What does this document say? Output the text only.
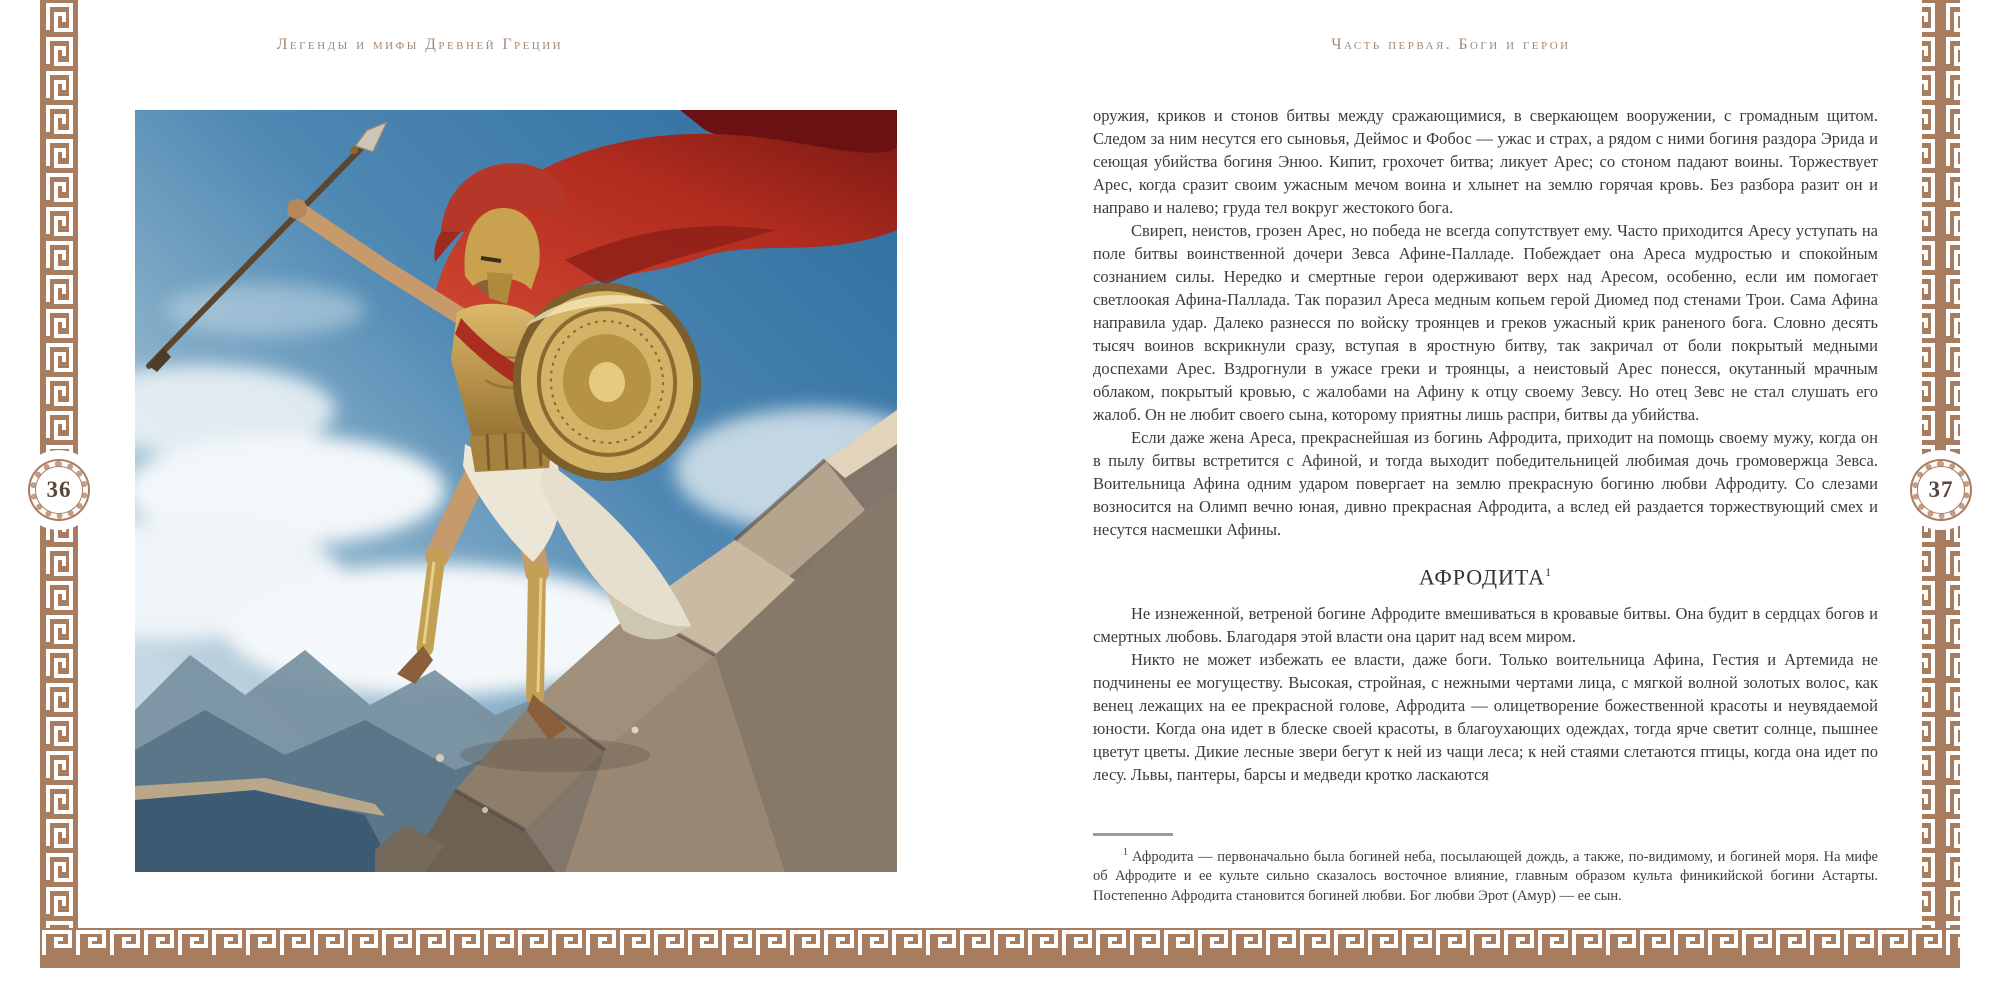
36	37
Легенды и мифы Древней Греции	Часть первая. Боги и герои

оружия, криков и стонов битвы между сражающимися, в сверкающем вооружении, с громадным щитом. Следом за ним несутся его сыновья, Деймос и Фобос — ужас и страх, а рядом с ними богиня раздора Эрида и сеющая убийства богиня Энюо. Кипит, грохочет битва; ликует Арес; со стоном падают воины. Торжествует Арес, когда сразит своим ужасным мечом воина и хлынет на землю горячая кровь. Без разбора разит он и направо и налево; груда тел вокруг жестокого бога.

Свиреп, неистов, грозен Арес, но победа не всегда сопутствует ему. Часто приходится Аресу уступать на поле битвы воинственной дочери Зевса Афине-Палладе. Побеждает она Ареса мудростью и спокойным сознанием силы. Нередко и смертные герои одерживают верх над Аресом, особенно, если им помогает светлоокая Афина-Паллада. Так поразил Ареса медным копьем герой Диомед под стенами Трои. Сама Афина направила удар. Далеко разнесся по войску троянцев и греков ужасный крик раненого бога. Словно десять тысяч воинов вскрикнули сразу, вступая в яростную битву, так закричал от боли покрытый медными доспехами Арес. Вздрогнули в ужасе греки и троянцы, а неистовый Арес понесся, окутанный мрачным облаком, покрытый кровью, с жалобами на Афину к отцу своему Зевсу. Но отец Зевс не стал слушать его жалоб. Он не любит своего сына, которому приятны лишь распри, битвы да убийства.

Если даже жена Ареса, прекраснейшая из богинь Афродита, приходит на помощь своему мужу, когда он в пылу битвы встретится с Афиной, и тогда выходит победительницей любимая дочь громовержца Зевса. Воительница Афина одним ударом повергает на землю прекрасную богиню любви Афродиту. Со слезами возносится на Олимп вечно юная, дивно прекрасная Афродита, а вслед ей раздается торжествующий смех и несутся насмешки Афины.

АФРОДИТА$^1$

Не изнеженной, ветреной богине Афродите вмешиваться в кровавые битвы. Она будит в сердцах богов и смертных любовь. Благодаря этой власти она царит над всем миром.

Никто не может избежать ее власти, даже боги. Только воительница Афина, Гестия и Артемида не подчинены ее могуществу. Высокая, стройная, с нежными чертами лица, с мягкой волной золотых волос, как венец лежащих на ее прекрасной голове, Афродита — олицетворение божественной красоты и неувядаемой юности. Когда она идет в блеске своей красоты, в благоухающих одеждах, тогда ярче светит солнце, пышнее цветут цветы. Дикие лесные звери бегут к ней из чащи леса; к ней стаями слетаются птицы, когда она идет по лесу. Львы, пантеры, барсы и медведи кротко ласкаются

$^1$ Афродита — первоначально была богиней неба, посылающей дождь, а также, по-видимому, и богиней моря. На мифе об Афродите и ее культе сильно сказалось восточное влияние, главным образом культа финикийской богини Астарты. Постепенно Афродита становится богиней любви. Бог любви Эрот (Амур) — ее сын.
